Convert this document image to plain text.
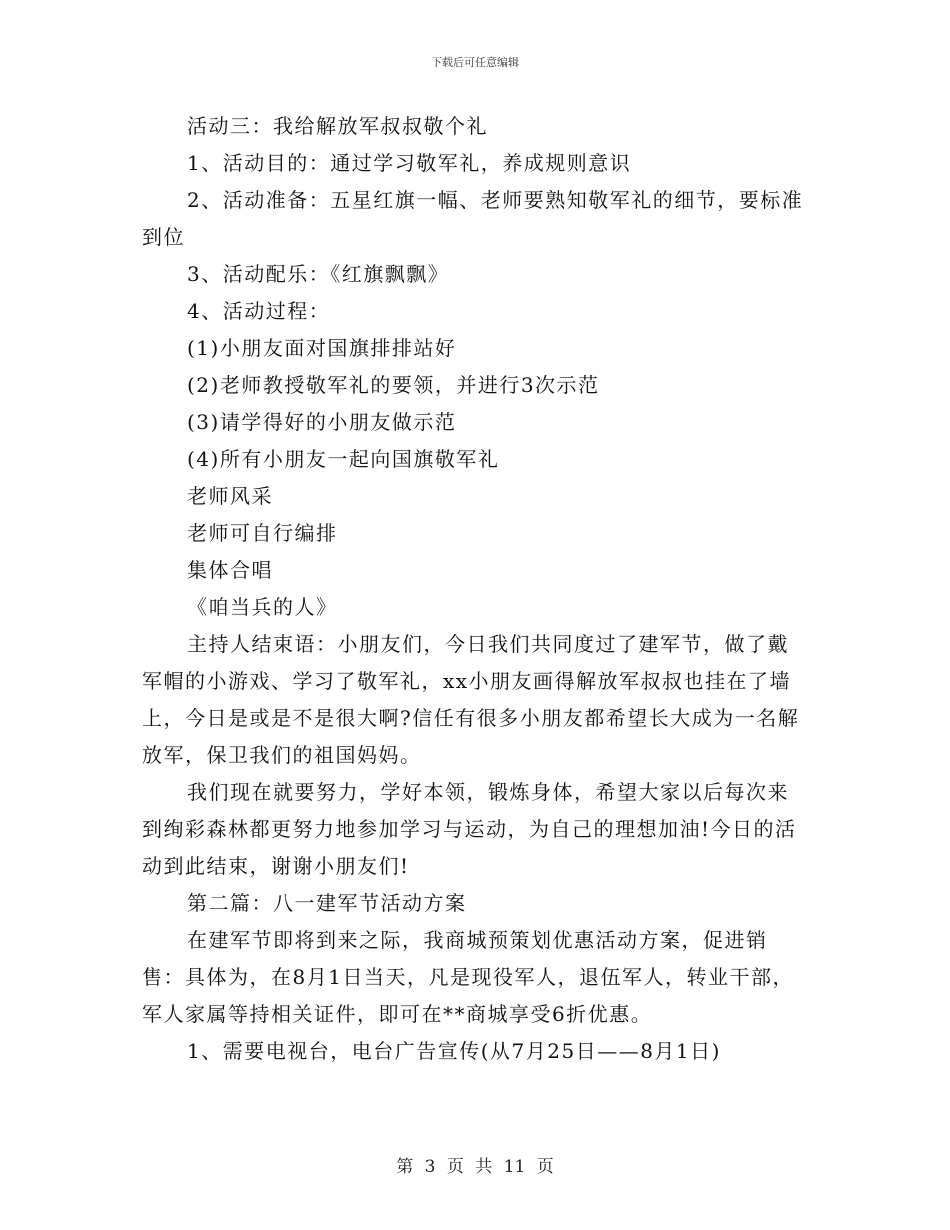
下载后可任意编辑

活动三：我给解放军叔叔敬个礼

1、活动目的：通过学习敬军礼，养成规则意识

2、活动准备：五星红旗一幅、老师要熟知敬军礼的细节，要标准到位

3、活动配乐：《红旗飘飘》

4、活动过程：

(1)小朋友面对国旗排排站好

(2)老师教授敬军礼的要领，并进行3次示范

(3)请学得好的小朋友做示范

(4)所有小朋友一起向国旗敬军礼

老师风采

老师可自行编排

集体合唱

《咱当兵的人》

主持人结束语：小朋友们，今日我们共同度过了建军节，做了戴军帽的小游戏、学习了敬军礼，xx小朋友画得解放军叔叔也挂在了墙上，今日是或是不是很大啊?信任有很多小朋友都希望长大成为一名解放军，保卫我们的祖国妈妈。

我们现在就要努力，学好本领，锻炼身体，希望大家以后每次来到绚彩森林都更努力地参加学习与运动，为自己的理想加油!今日的活动到此结束，谢谢小朋友们!

第二篇：八一建军节活动方案

在建军节即将到来之际，我商城预策划优惠活动方案，促进销售：具体为，在8月1日当天，凡是现役军人，退伍军人，转业干部，军人家属等持相关证件，即可在**商城享受6折优惠。

1、需要电视台，电台广告宣传(从7月25日——8月1日)

第 3 页 共 11 页
